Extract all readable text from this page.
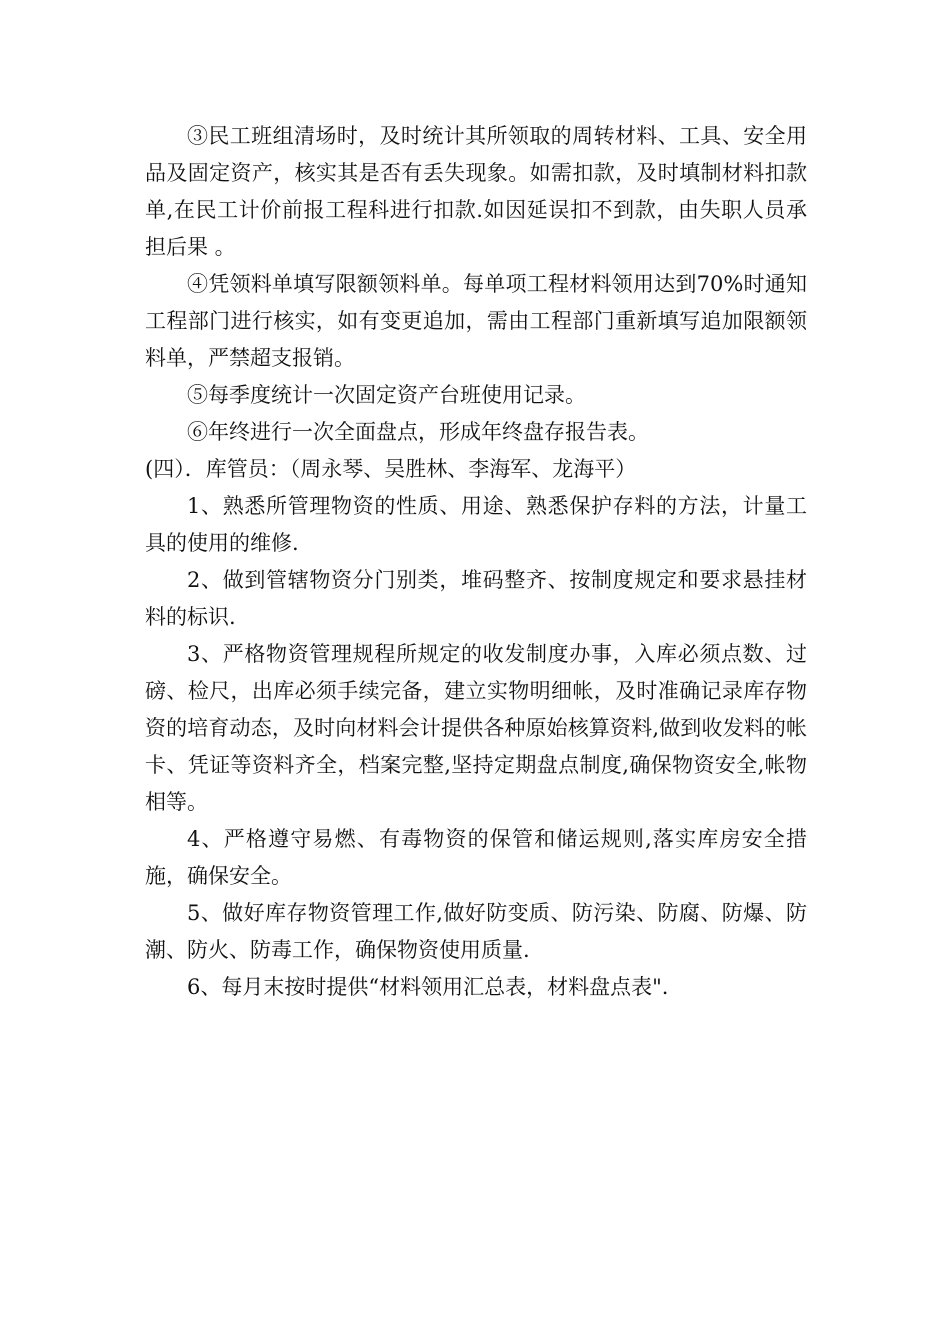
③民工班组清场时，及时统计其所领取的周转材料、工具、安全用品及固定资产，核实其是否有丢失现象。如需扣款，及时填制材料扣款单,在民工计价前报工程科进行扣款.如因延误扣不到款，由失职人员承担后果 。

④凭领料单填写限额领料单。每单项工程材料领用达到70%时通知工程部门进行核实，如有变更追加，需由工程部门重新填写追加限额领料单，严禁超支报销。

⑤每季度统计一次固定资产台班使用记录。

⑥年终进行一次全面盘点，形成年终盘存报告表。

(四）．库管员：（周永琴、吴胜林、李海军、龙海平）

1、熟悉所管理物资的性质、用途、熟悉保护存料的方法，计量工具的使用的维修.

2、做到管辖物资分门别类，堆码整齐、按制度规定和要求悬挂材料的标识.

3、严格物资管理规程所规定的收发制度办事，入库必须点数、过磅、检尺，出库必须手续完备，建立实物明细帐，及时准确记录库存物资的培育动态，及时向材料会计提供各种原始核算资料,做到收发料的帐卡、凭证等资料齐全，档案完整,坚持定期盘点制度,确保物资安全,帐物相等。

4、严格遵守易燃、有毒物资的保管和储运规则,落实库房安全措施，确保安全。

5、做好库存物资管理工作,做好防变质、防污染、防腐、防爆、防潮、防火、防毒工作，确保物资使用质量.

6、每月末按时提供“材料领用汇总表，材料盘点表".
